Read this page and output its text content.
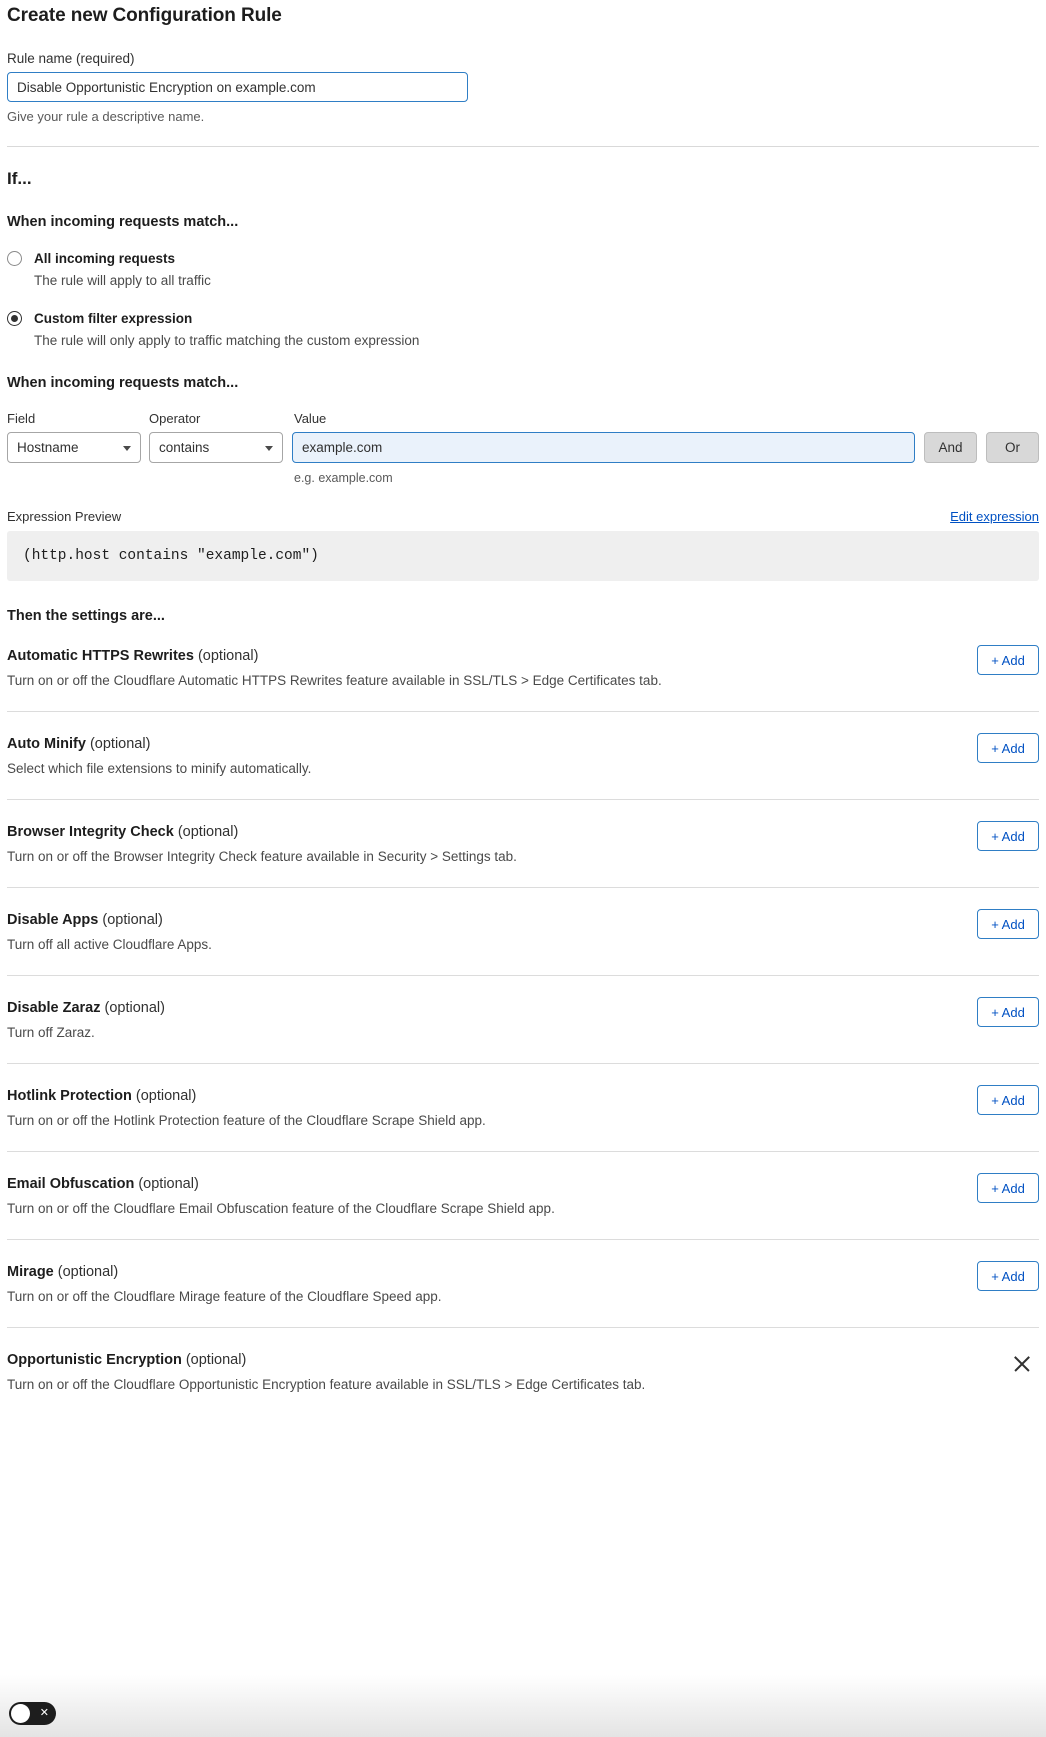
Create new Configuration Rule
Rule name (required)
Disable Opportunistic Encryption on example.com

Give your rule a descriptive name.

If...
When incoming requests match...
All incoming requests
The rule will apply to all traffic
Custom filter expression
The rule will only apply to traffic matching the custom expression
When incoming requests match...
Field	Operator	Value
Hostname	contains
example.com
e.g. example.com
And	Or
Expression Preview	Edit expression
(http.host contains "example.com")
Then the settings are...

Automatic HTTPS Rewrites (optional)

Turn on or off the Cloudflare Automatic HTTPS Rewrites feature available in SSL/TLS > Edge Certificates tab.

+ Add

Auto Minify (optional)

Select which file extensions to minify automatically.

+ Add

Browser Integrity Check (optional)

Turn on or off the Browser Integrity Check feature available in Security > Settings tab.

+ Add

Disable Apps (optional)

Turn off all active Cloudflare Apps.

+ Add

Disable Zaraz (optional)

Turn off Zaraz.

+ Add

Hotlink Protection (optional)

Turn on or off the Hotlink Protection feature of the Cloudflare Scrape Shield app.

+ Add

Email Obfuscation (optional)

Turn on or off the Cloudflare Email Obfuscation feature of the Cloudflare Scrape Shield app.

+ Add

Mirage (optional)

Turn on or off the Cloudflare Mirage feature of the Cloudflare Speed app.

+ Add

Opportunistic Encryption (optional)

Turn on or off the Cloudflare Opportunistic Encryption feature available in SSL/TLS > Edge Certificates tab.

✕
